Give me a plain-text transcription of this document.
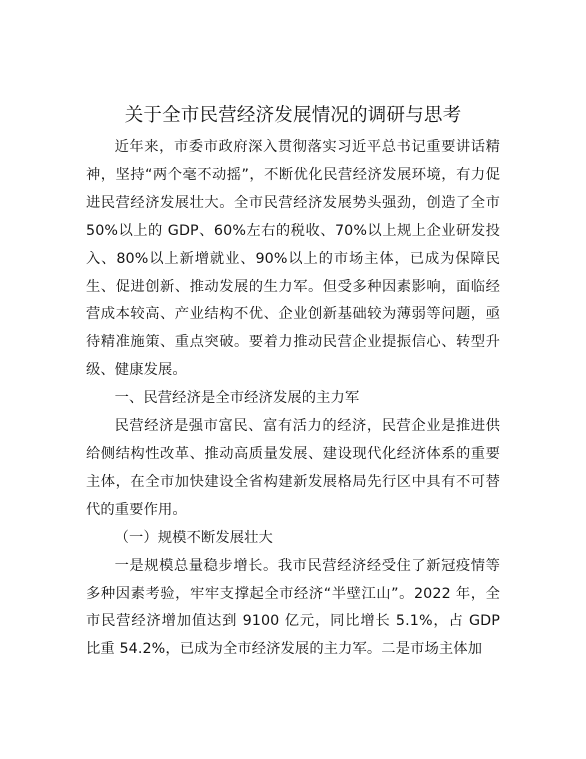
关于全市民营经济发展情况的调研与思考

近年来，市委市政府深入贯彻落实习近平总书记重要讲话精神，坚持“两个毫不动摇”，不断优化民营经济发展环境，有力促进民营经济发展壮大。全市民营经济发展势头强劲，创造了全市 50%以上的 GDP、60%左右的税收、70%以上规上企业研发投入、80%以上新增就业、90%以上的市场主体，已成为保障民生、促进创新、推动发展的生力军。但受多种因素影响，面临经营成本较高、产业结构不优、企业创新基础较为薄弱等问题，亟待精准施策、重点突破。要着力推动民营企业提振信心、转型升级、健康发展。

一、民营经济是全市经济发展的主力军

民营经济是强市富民、富有活力的经济，民营企业是推进供给侧结构性改革、推动高质量发展、建设现代化经济体系的重要主体，在全市加快建设全省构建新发展格局先行区中具有不可替代的重要作用。

（一）规模不断发展壮大

一是规模总量稳步增长。我市民营经济经受住了新冠疫情等多种因素考验，牢牢支撑起全市经济“半壁江山”。2022 年，全市民营经济增加值达到 9100 亿元，同比增长 5.1%，占 GDP 比重 54.2%，已成为全市经济发展的主力军。二是市场主体加
